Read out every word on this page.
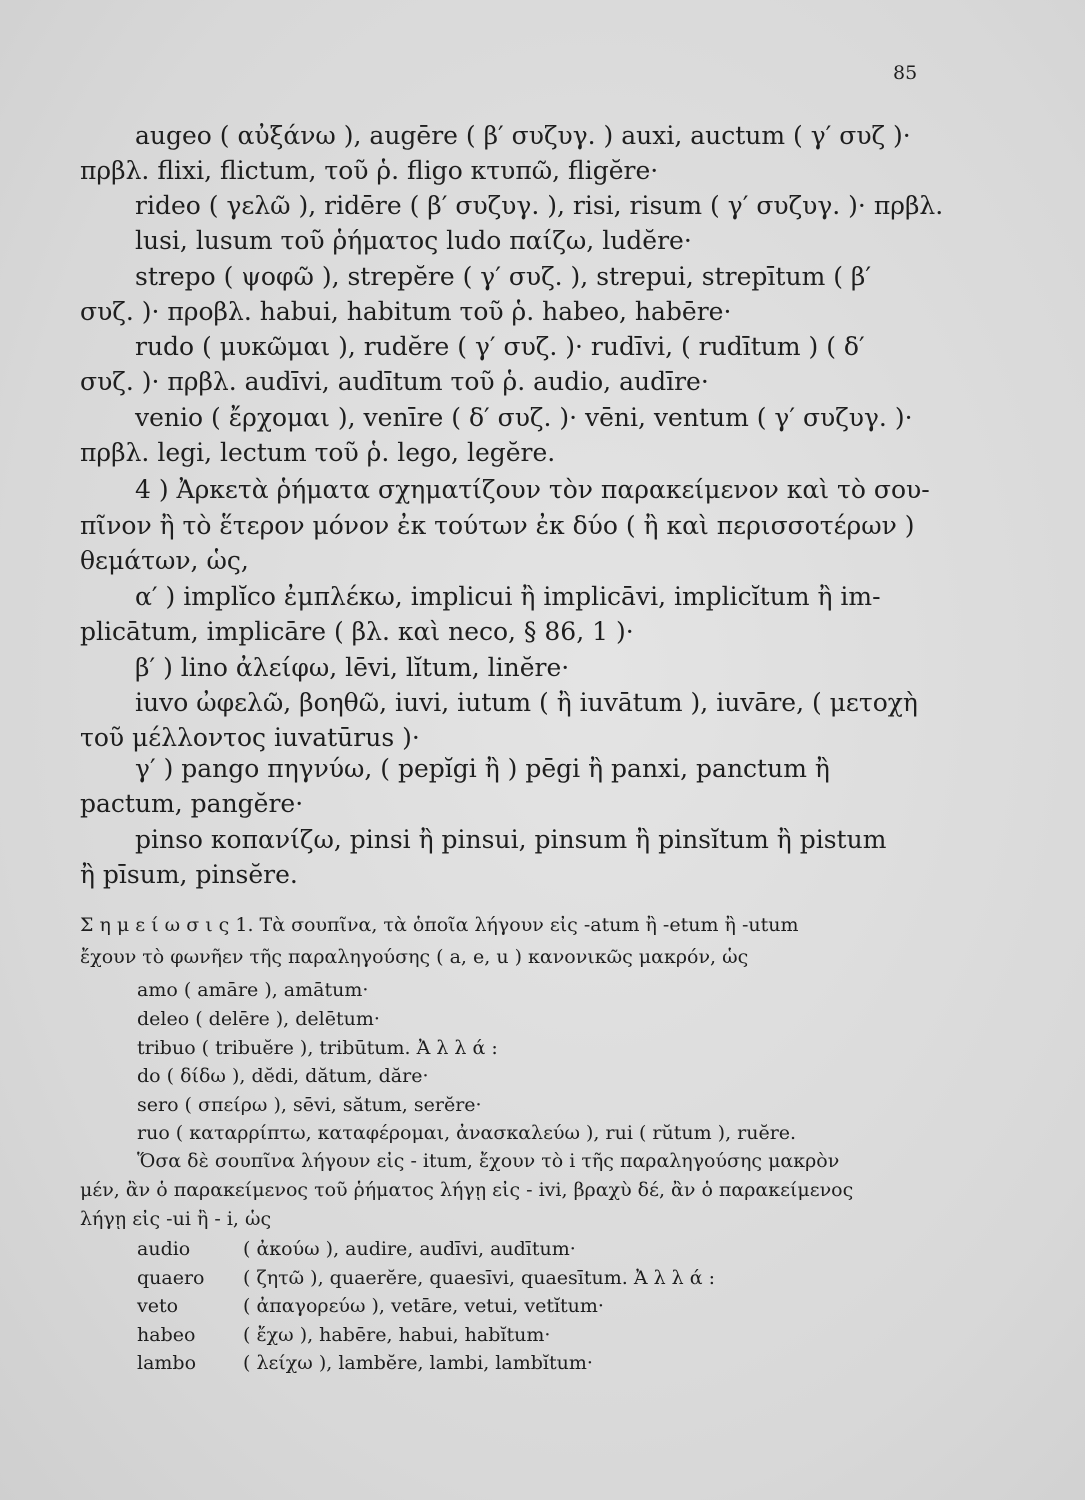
85
augeo ( αὐξάνω ), augēre ( β′ συζυγ. ) auxi, auctum ( γ′ συζ )·
πρβλ. flixi, flictum, τοῦ ῥ. fligo κτυπῶ, fligĕre·
rideo ( γελῶ ), ridēre ( β′ συζυγ. ), risi, risum ( γ′ συζυγ. )· πρβλ.
lusi, lusum τοῦ ῥήματος ludo παίζω, ludĕre·
strepo ( ψοφῶ ), strepĕre ( γ′ συζ. ), strepui, strepītum ( β′
συζ. )· πρoβλ. habui, habitum τοῦ ῥ. habeo, habēre·
rudo ( μυκῶμαι ), rudĕre ( γ′ συζ. )· rudīvi, ( rudītum ) ( δ′
συζ. )· πρβλ. audīvi, audītum τοῦ ῥ. audio, audīre·
venio ( ἔρχομαι ), venīre ( δ′ συζ. )· vēni, ventum ( γ′ συζυγ. )·
πρβλ. legi, lectum τοῦ ῥ. lego, legĕre.
4 ) Ἀρκετὰ ῥήματα σχηματίζουν τὸν παρακείμενον καὶ τὸ σου-
πῖνον ἢ τὸ ἕτερον μόνον ἐκ τούτων ἐκ δύο ( ἢ καὶ περισσοτέρων )
θεμάτων, ὡς,
α′ ) implĭco ἐμπλέκω, implicui ἢ implicāvi, implicĭtum ἢ im-
plicātum, implicāre ( βλ. καὶ neco, § 86, 1 )·
β′ ) lino ἀλείφω, lēvi, lĭtum, linĕre·
iuvo ὠφελῶ, βοηθῶ, iuvi, iutum ( ἢ iuvātum ), iuvāre, ( μετοχὴ
τοῦ μέλλοντος iuvatūrus )·
γ′ ) pango πηγνύω, ( pepĭgi ἢ ) pēgi ἢ panxi, panctum ἢ
pactum, pangĕre·
pinso κοπανίζω, pinsi ἢ pinsui, pinsum ἢ pinsĭtum ἢ pistum
ἢ pīsum, pinsĕre.
Σ η μ ε ί ω σ ι ς 1. Τὰ σουπῖνα, τὰ ὁποῖα λήγουν εἰς -atum ἢ -etum ἢ -utum
ἔχουν τὸ φωνῆεν τῆς παραληγούσης ( a, e, u ) κανονικῶς μακρόν, ὡς
amo ( amāre ), amātum·
deleo ( delēre ), delētum·
tribuo ( tribuĕre ), tribūtum. Ἀ λ λ ά :
do ( δίδω ), dĕdi, dătum, dăre·
sero ( σπείρω ), sēvi, sătum, serĕre·
ruo ( καταρρίπτω, καταφέρομαι, ἀνασκαλεύω ), rui ( rŭtum ), ruĕre.
Ὅσα δὲ σουπῖνα λήγουν εἰς - itum, ἔχουν τὸ i τῆς παραληγούσης μακρὸν
μέν, ἂν ὁ παρακείμενος τοῦ ῥήματος λήγῃ εἰς - ivi, βραχὺ δέ, ἂν ὁ παρακείμενος
λήγῃ εἰς -ui ἢ - i, ὡς
audio	( ἀκούω ), audire, audīvi, audītum·
quaero ( ζητῶ ), quaerĕre, quaesīvi, quaesītum. Ἀ λ λ ά :
veto	( ἀπαγορεύω ), vetāre, vetui, vetĭtum·
habeo	( ἔχω ), habēre, habui, habĭtum·
lambo ( λείχω ), lambĕre, lambi, lambĭtum·
